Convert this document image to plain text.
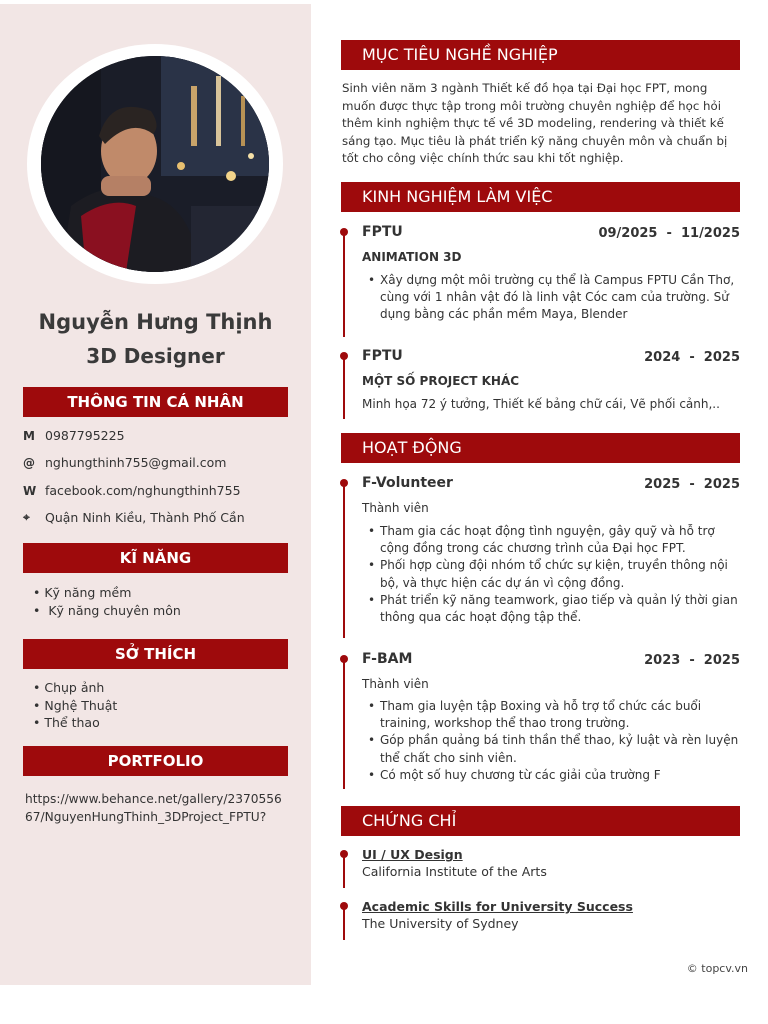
Nguyễn Hưng Thịnh
3D Designer
THÔNG TIN CÁ NHÂN
M 0987795225
@ nghungthinh755@gmail.com
W facebook.com/nghungthinh755
⌖	Quận Ninh Kiều, Thành Phố Cần
KĨ NĂNG
• Kỹ năng mềm
•  Kỹ năng chuyên môn
SỞ THÍCH
• Chụp ảnh
• Nghệ Thuật
• Thể thao
PORTFOLIO
https://www.behance.net/gallery/237055667/NguyenHungThinh_3DProject_FPTU?
MỤC TIÊU NGHỀ NGHIỆP
Sinh viên năm 3 ngành Thiết kế đồ họa tại Đại học FPT, mong muốn được thực tập trong môi trường chuyên nghiệp để học hỏi thêm kinh nghiệm thực tế về 3D modeling, rendering và thiết kế sáng tạo. Mục tiêu là phát triển kỹ năng chuyên môn và chuẩn bị tốt cho công việc chính thức sau khi tốt nghiệp.
KINH NGHIỆM LÀM VIỆC
FPTU	09/2025  -  11/2025
ANIMATION 3D
• Xây dựng một môi trường cụ thể là Campus FPTU Cần Thơ, cùng với 1 nhân vật đó là linh vật Cóc cam của trường. Sử dụng bằng các phần mềm Maya, Blender
FPTU	2024  -  2025
MỘT SỐ PROJECT KHÁC
Minh họa 72 ý tưởng, Thiết kế bảng chữ cái, Vẽ phối cảnh,..
HOẠT ĐỘNG
F-Volunteer	2025  -  2025
Thành viên
• Tham gia các hoạt động tình nguyện, gây quỹ và hỗ trợ cộng đồng trong các chương trình của Đại học FPT.
• Phối hợp cùng đội nhóm tổ chức sự kiện, truyền thông nội bộ, và thực hiện các dự án vì cộng đồng.
• Phát triển kỹ năng teamwork, giao tiếp và quản lý thời gian thông qua các hoạt động tập thể.
F-BAM	2023  -  2025
Thành viên
• Tham gia luyện tập Boxing và hỗ trợ tổ chức các buổi training, workshop thể thao trong trường.
• Góp phần quảng bá tinh thần thể thao, kỷ luật và rèn luyện thể chất cho sinh viên.
• Có một số huy chương từ các giải của trường F
CHỨNG CHỈ
UI / UX Design
California Institute of the Arts
Academic Skills for University Success
The University of Sydney
© topcv.vn
